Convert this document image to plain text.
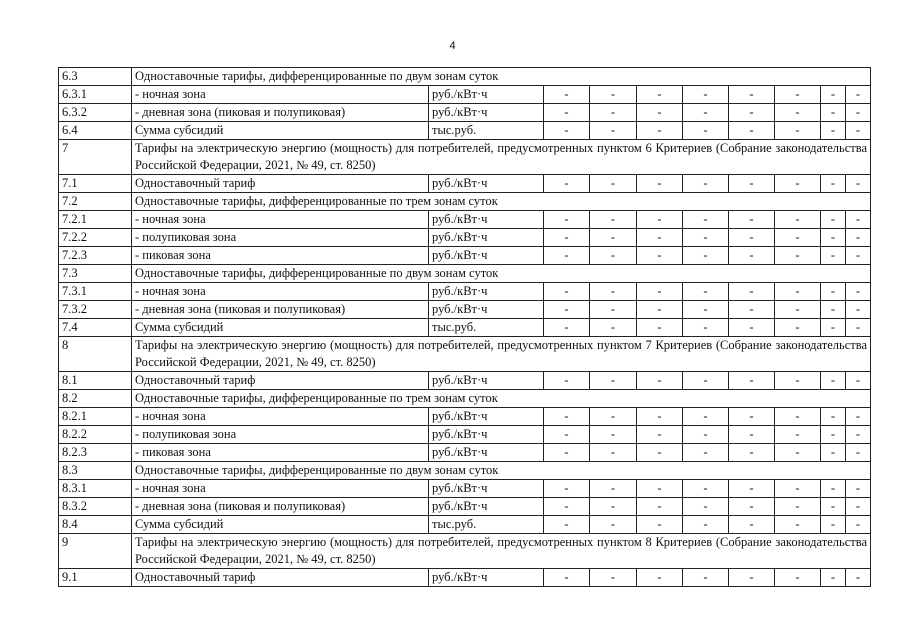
4
6.3	Одноставочные тарифы, дифференцированные по двум зонам суток									
6.3.1	- ночная зона	руб./кВт·ч	-	-	-	-	-	-	-	-
6.3.2	- дневная зона (пиковая и полупиковая)	руб./кВт·ч	-	-	-	-	-	-	-	-
6.4	Сумма субсидий	тыс.руб.	-	-	-	-	-	-	-	-
7	Тарифы на электрическую энергию (мощность) для потребителей, предусмотренных пунктом 6 Критериев (Собрание законодательства Российской Федерации, 2021, № 49, ст. 8250)									
7.1	Одноставочный тариф	руб./кВт·ч	-	-	-	-	-	-	-	-
7.2	Одноставочные тарифы, дифференцированные по трем зонам суток									
7.2.1	- ночная зона	руб./кВт·ч	-	-	-	-	-	-	-	-
7.2.2	- полупиковая зона	руб./кВт·ч	-	-	-	-	-	-	-	-
7.2.3	- пиковая зона	руб./кВт·ч	-	-	-	-	-	-	-	-
7.3	Одноставочные тарифы, дифференцированные по двум зонам суток									
7.3.1	- ночная зона	руб./кВт·ч	-	-	-	-	-	-	-	-
7.3.2	- дневная зона (пиковая и полупиковая)	руб./кВт·ч	-	-	-	-	-	-	-	-
7.4	Сумма субсидий	тыс.руб.	-	-	-	-	-	-	-	-
8	Тарифы на электрическую энергию (мощность) для потребителей, предусмотренных пунктом 7 Критериев (Собрание законодательства Российской Федерации, 2021, № 49, ст. 8250)									
8.1	Одноставочный тариф	руб./кВт·ч	-	-	-	-	-	-	-	-
8.2	Одноставочные тарифы, дифференцированные по трем зонам суток									
8.2.1	- ночная зона	руб./кВт·ч	-	-	-	-	-	-	-	-
8.2.2	- полупиковая зона	руб./кВт·ч	-	-	-	-	-	-	-	-
8.2.3	- пиковая зона	руб./кВт·ч	-	-	-	-	-	-	-	-
8.3	Одноставочные тарифы, дифференцированные по двум зонам суток									
8.3.1	- ночная зона	руб./кВт·ч	-	-	-	-	-	-	-	-
8.3.2	- дневная зона (пиковая и полупиковая)	руб./кВт·ч	-	-	-	-	-	-	-	-
8.4	Сумма субсидий	тыс.руб.	-	-	-	-	-	-	-	-
9	Тарифы на электрическую энергию (мощность) для потребителей, предусмотренных пунктом 8 Критериев (Собрание законодательства Российской Федерации, 2021, № 49, ст. 8250)									
9.1	Одноставочный тариф	руб./кВт·ч	-	-	-	-	-	-	-	-
